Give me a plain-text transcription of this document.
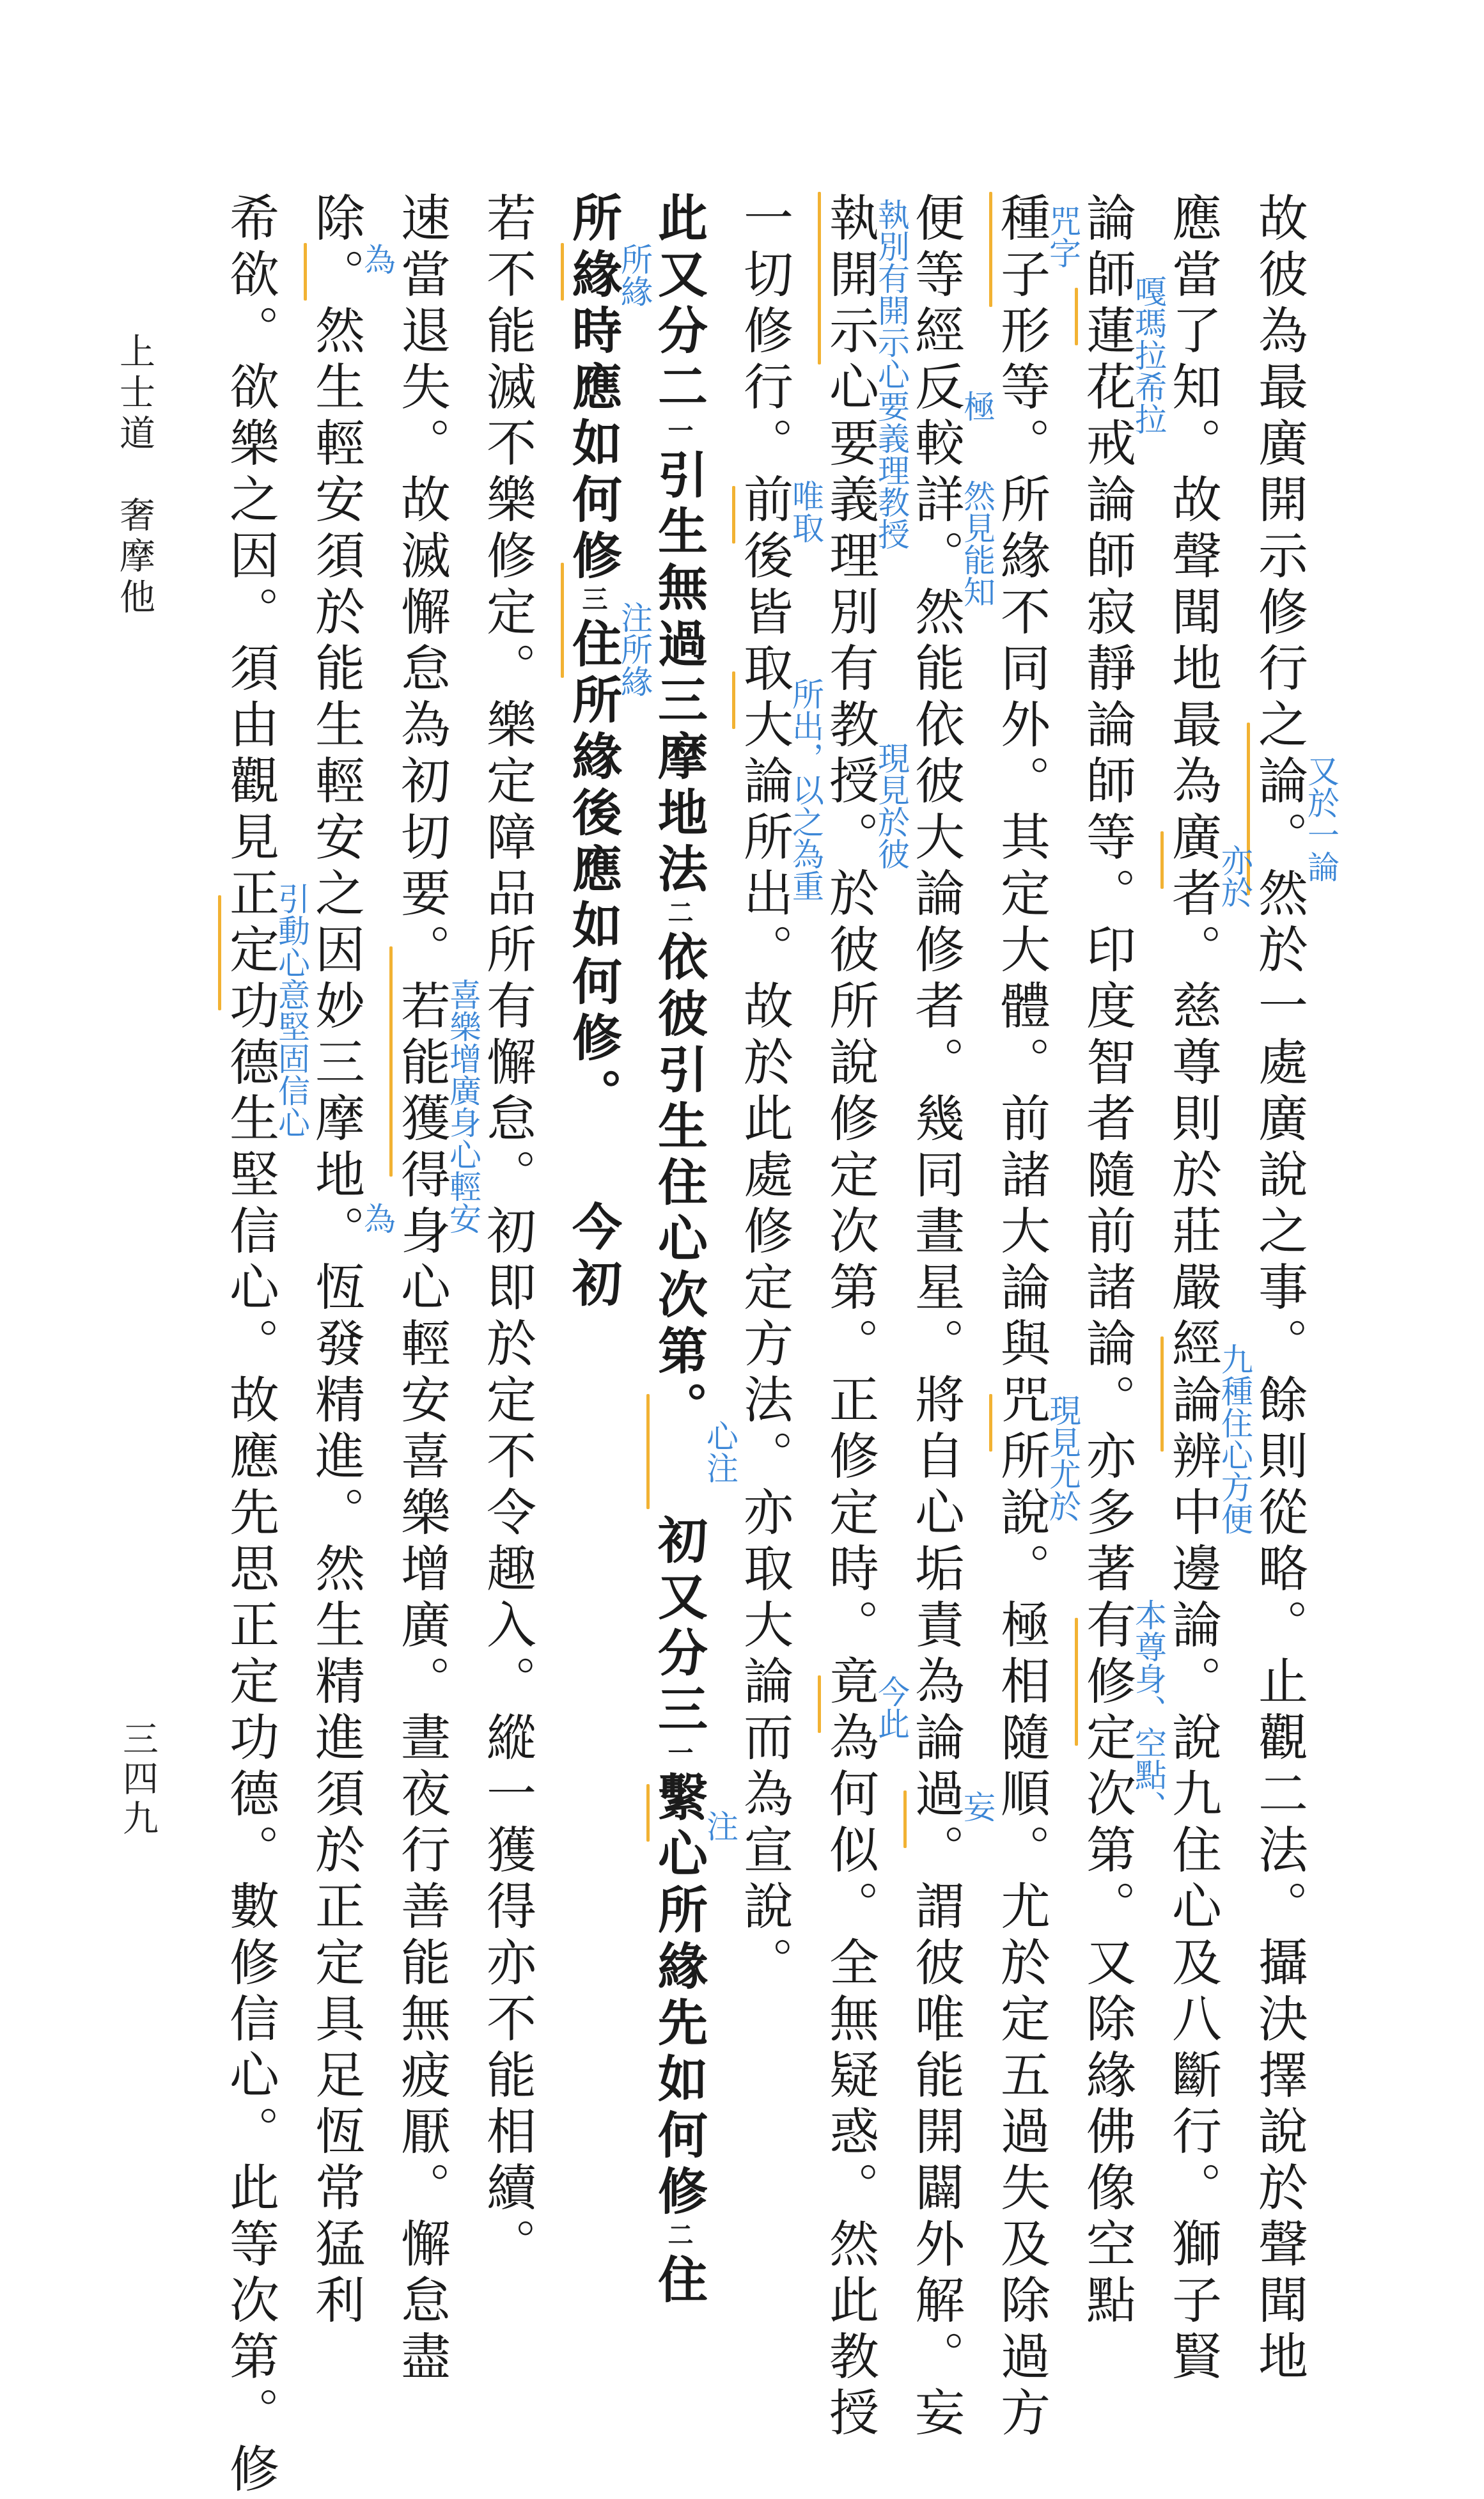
上士道　奢摩他
三四九	故彼為最廣開示修行之論。然於一處廣說之事。餘則從略。止觀二法。攝決擇說於聲聞地
應當了知。故聲聞地最為廣者。慈尊則於莊嚴經論辨中邊論。說九住心及八斷行。獅子賢
論師蓮花戒論師寂靜論師等。印度智者隨前諸論。亦多著有修定次第。又除緣佛像空點
種子形等。所緣不同外。其定大體。前諸大論與咒所說。極相隨順。尤於定五過失及除過方
便等經反較詳。然能依彼大論修者。幾同晝星。將自心垢責為論過。謂彼唯能開闢外解。妄
執開示心要義理別有教授。於彼所說修定次第。正修定時。竟為何似。全無疑惑。然此教授
一切修行。前後皆取大論所出。故於此處修定方法。亦取大論而為宣說。
此又分二一引生無過三摩地法二依彼引生住心次第。初又分三一繫心所緣先如何修二住
所緣時應如何修三住所緣後應如何修。今初
若不能滅不樂修定。樂定障品所有懈怠。初即於定不令趣入。縱一獲得亦不能相續。
速當退失。故滅懈怠為初切要。若能獲得身心輕安喜樂增廣。晝夜行善能無疲厭。懈怠盡
除。然生輕安須於能生輕安之因妙三摩地。恆發精進。然生精進須於正定具足恆常猛利
希欲。欲樂之因。須由觀見正定功德生堅信心。故應先思正定功德。數修信心。此等次第。修	又於一論
亦於
九種住心方便
嘎瑪拉希拉
本尊身、空點、
咒字
現見尤於
極
然見能知
妄
執別有開示心要義理教授
現見於彼
今此
唯取
所出，以之為重
心注
注
所緣
注所緣
喜樂增廣身心輕安
為
為
引動心意堅固信心
